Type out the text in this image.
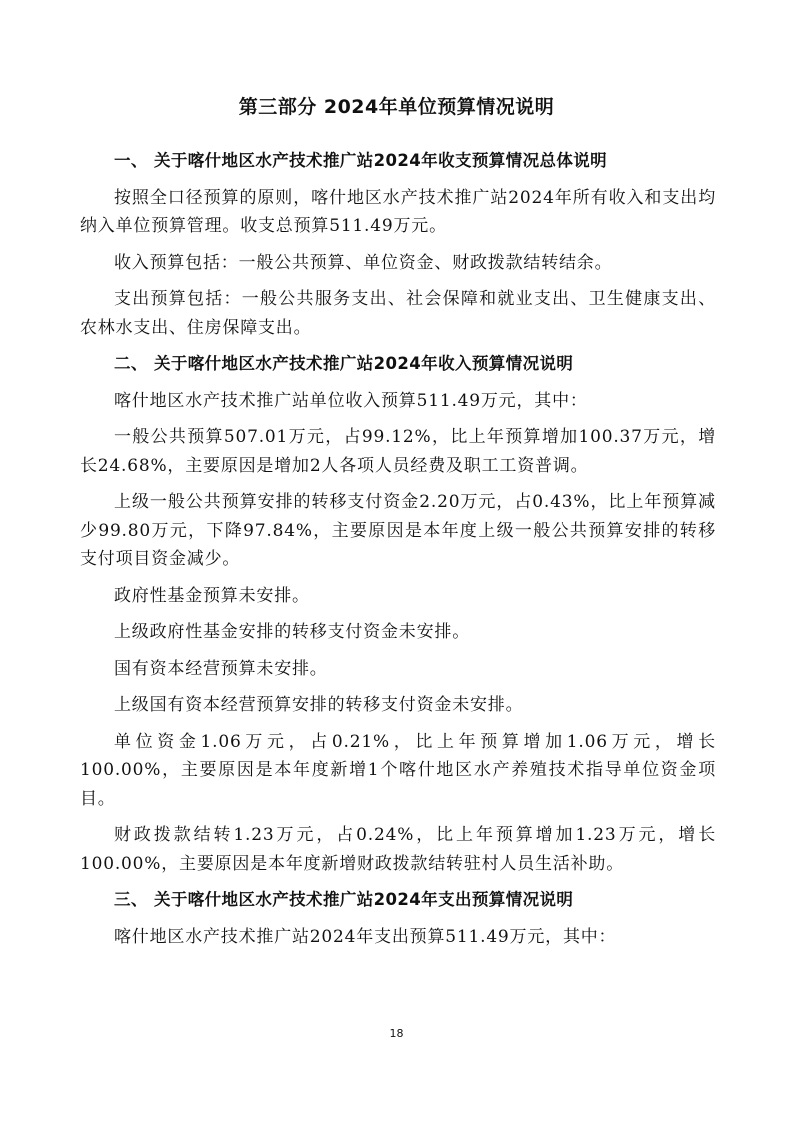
第三部分 2024年单位预算情况说明
一、 关于喀什地区水产技术推广站2024年收支预算情况总体说明

按照全口径预算的原则，喀什地区水产技术推广站2024年所有收入和支出均纳入单位预算管理。收支总预算511.49万元。

收入预算包括：一般公共预算、单位资金、财政拨款结转结余。

支出预算包括：一般公共服务支出、社会保障和就业支出、卫生健康支出、农林水支出、住房保障支出。

二、 关于喀什地区水产技术推广站2024年收入预算情况说明

喀什地区水产技术推广站单位收入预算511.49万元，其中：

一般公共预算507.01万元，占99.12%，比上年预算增加100.37万元，增长24.68%，主要原因是增加2人各项人员经费及职工工资普调。

上级一般公共预算安排的转移支付资金2.20万元，占0.43%，比上年预算减少99.80万元，下降97.84%，主要原因是本年度上级一般公共预算安排的转移支付项目资金减少。

政府性基金预算未安排。

上级政府性基金安排的转移支付资金未安排。

国有资本经营预算未安排。

上级国有资本经营预算安排的转移支付资金未安排。

单位资金1.06万元，占0.21%，比上年预算增加1.06万元，增长100.00%，主要原因是本年度新增1个喀什地区水产养殖技术指导单位资金项目。

财政拨款结转1.23万元，占0.24%，比上年预算增加1.23万元，增长100.00%，主要原因是本年度新增财政拨款结转驻村人员生活补助。

三、 关于喀什地区水产技术推广站2024年支出预算情况说明

喀什地区水产技术推广站2024年支出预算511.49万元，其中：

18
